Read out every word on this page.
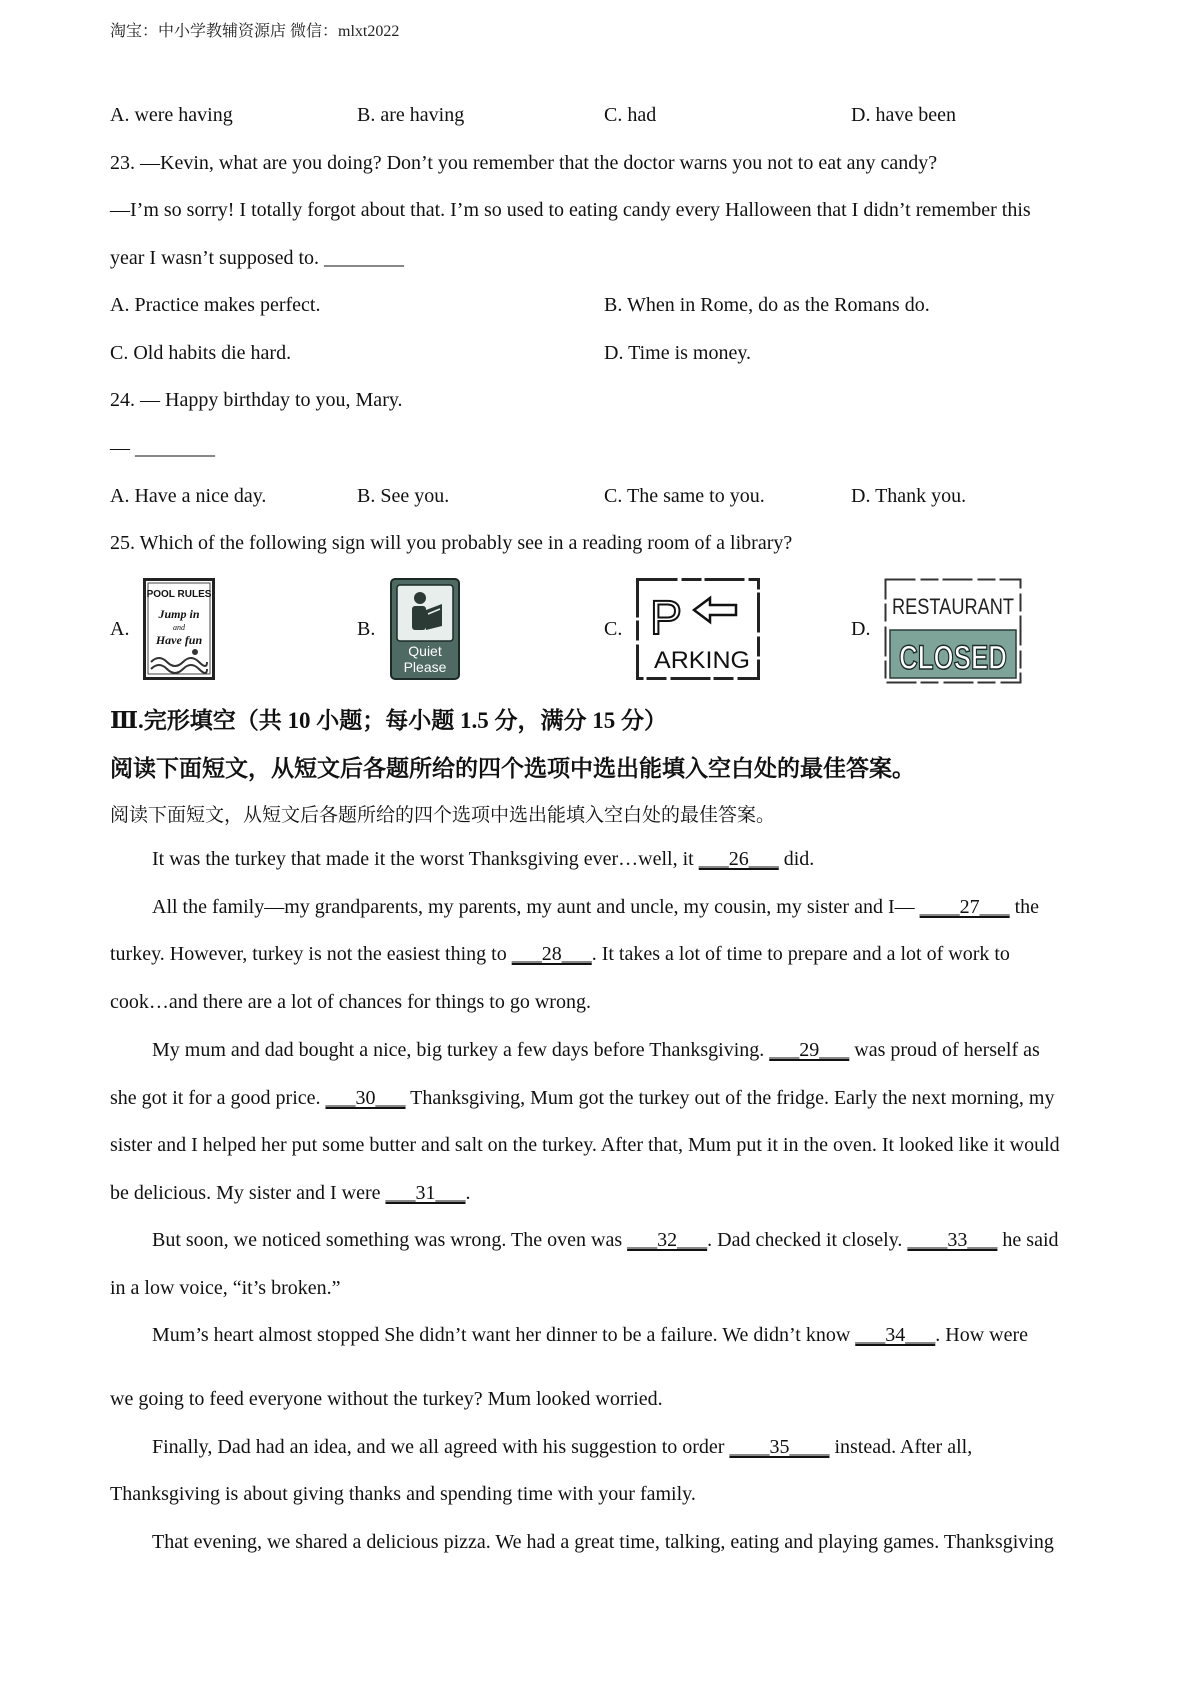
淘宝：中小学教辅资源店 微信：mlxt2022
A. were having	B. are having	C. had	D. have been
23. —Kevin, what are you doing? Don’t you remember that the doctor warns you not to eat any candy?
—I’m so sorry! I totally forgot about that. I’m so used to eating candy every Halloween that I didn’t remember this
year I wasn’t supposed to. ________
A. Practice makes perfect.	B. When in Rome, do as the Romans do.
C. Old habits die hard.	D. Time is money.
24. — Happy birthday to you, Mary.
— ________
A. Have a nice day.	B. See you.	C. The same to you.	D. Thank you.
25. Which of the following sign will you probably see in a reading room of a library?
A.	B.	C.	D.
POOL RULES
Jump in
and
Have fun
Quiet
Please
P
ARKING
RESTAURANT
CLOSED
Ⅲ.完形填空（共 10 小题；每小题 1.5 分，满分 15 分）
阅读下面短文，从短文后各题所给的四个选项中选出能填入空白处的最佳答案。
阅读下面短文，从短文后各题所给的四个选项中选出能填入空白处的最佳答案。
It was the turkey that made it the worst Thanksgiving ever…well, it ___26___ did.
All the family—my grandparents, my parents, my aunt and uncle, my cousin, my sister and I— ____27___ the
turkey. However, turkey is not the easiest thing to ___28___. It takes a lot of time to prepare and a lot of work to
cook…and there are a lot of chances for things to go wrong.
My mum and dad bought a nice, big turkey a few days before Thanksgiving. ___29___ was proud of herself as
she got it for a good price. ___30___ Thanksgiving, Mum got the turkey out of the fridge. Early the next morning, my
sister and I helped her put some butter and salt on the turkey. After that, Mum put it in the oven. It looked like it would
be delicious. My sister and I were ___31___.
But soon, we noticed something was wrong. The oven was ___32___. Dad checked it closely. ____33___ he said
in a low voice, “it’s broken.”
Mum’s heart almost stopped She didn’t want her dinner to be a failure. We didn’t know ___34___. How were
we going to feed everyone without the turkey? Mum looked worried.
Finally, Dad had an idea, and we all agreed with his suggestion to order ____35____ instead. After all,
Thanksgiving is about giving thanks and spending time with your family.
That evening, we shared a delicious pizza. We had a great time, talking, eating and playing games. Thanksgiving
